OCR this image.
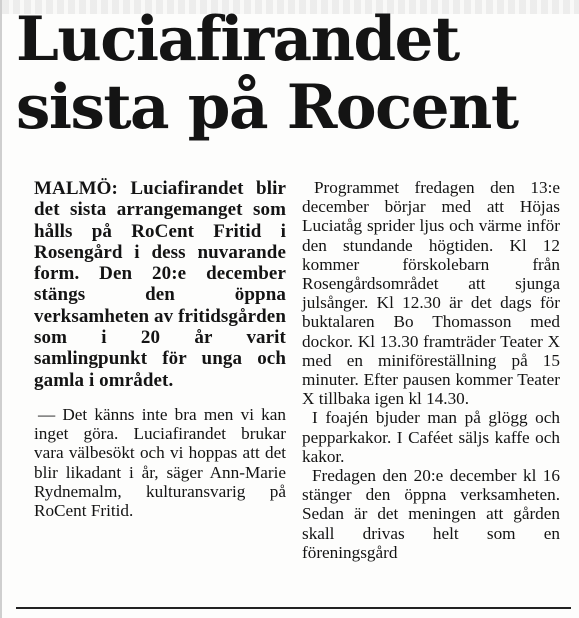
Luciafirandet
sista på Rocent

MALMÖ: Luciafirandet blir det sista arrangemanget som hålls på RoCent Fritid i Rosengård i dess nuvarande form. Den 20:e december stängs den öppna verksamheten av fritidsgården som i 20 år varit samlingpunkt för unga och gamla i området.

— Det känns inte bra men vi kan inget göra. Luciafirandet brukar vara välbesökt och vi hoppas att det blir likadant i år, säger Ann-Marie Rydnemalm, kulturansvarig på RoCent Fritid.

Programmet fredagen den 13:e december börjar med att Höjas Luciatåg sprider ljus och värme inför den stundande högtiden. Kl 12 kommer förskolebarn från Rosengårdsområdet att sjunga julsånger. Kl 12.30 är det dags för buktalaren Bo Thomasson med dockor. Kl 13.30 framträder Teater X med en miniföreställning på 15 minuter. Efter pausen kommer Teater X tillbaka igen kl 14.30.

I foajén bjuder man på glögg och pepparkakor. I Caféet säljs kaffe och kakor.

Fredagen den 20:e december kl 16 stänger den öppna verksamheten. Sedan är det meningen att gården skall drivas helt som en föreningsgård
